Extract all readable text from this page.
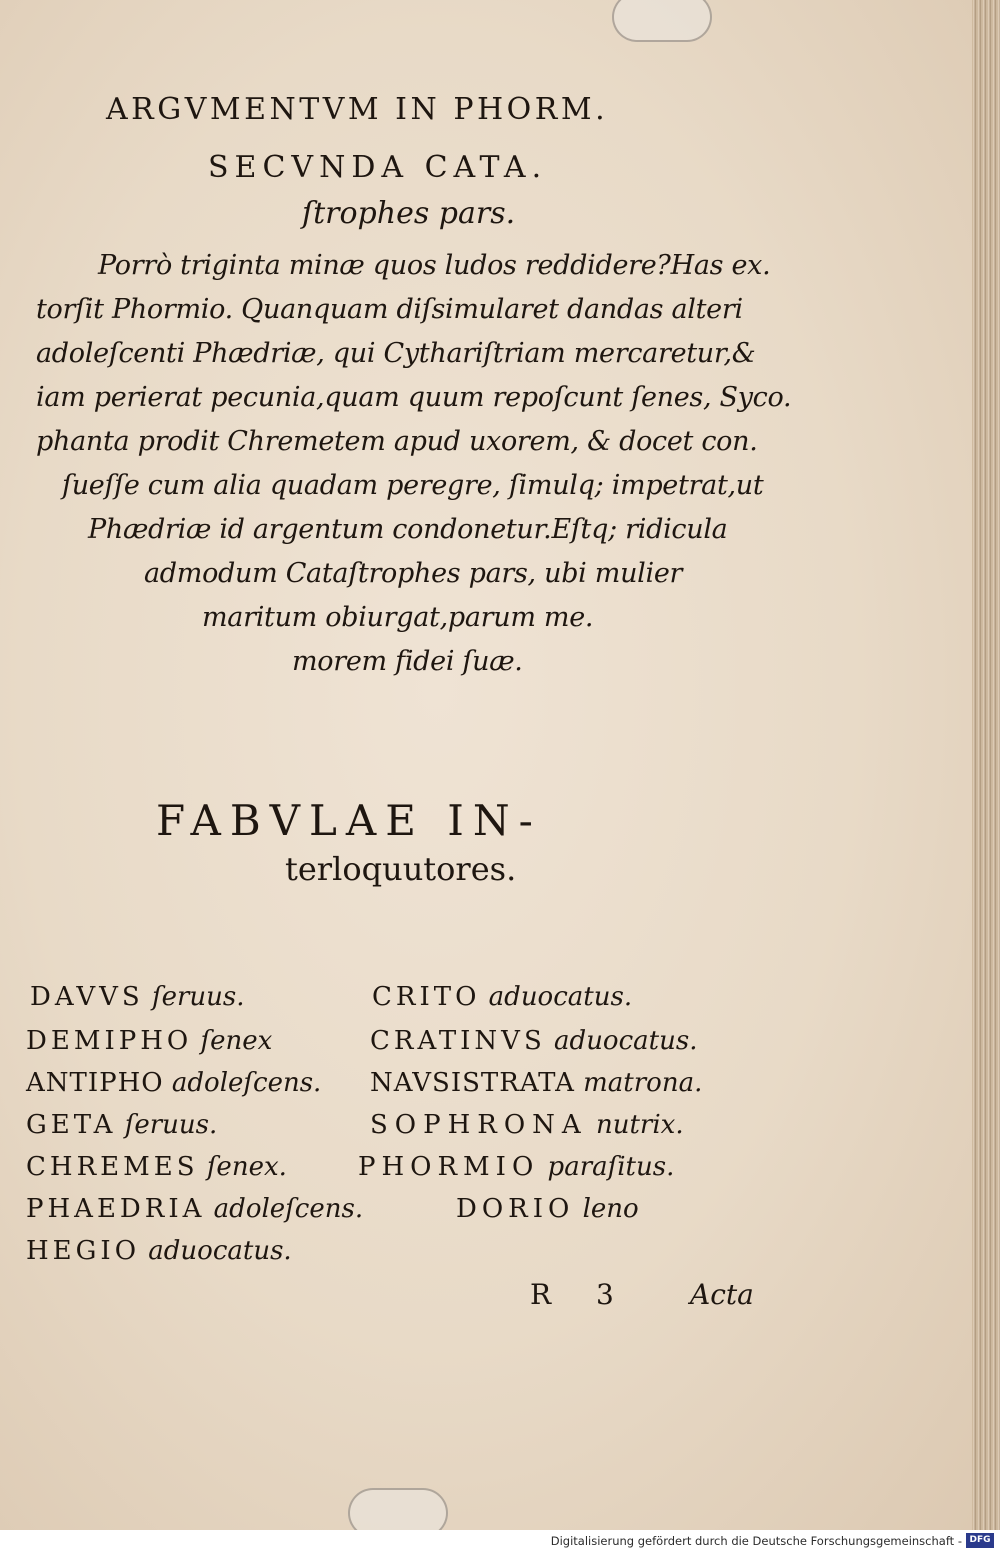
ARGVMENTVM IN PHORM.
SECVNDA CATA.
ſtrophes pars.
Porrò triginta minæ quos ludos reddidere?Has ex.
torſit Phormio. Quanquam diſsimularet dandas alteri
adoleſcenti Phædriæ, qui Cythariſtriam mercaretur,&
iam perierat pecunia,quam quum repoſcunt ſenes, Syco.
phanta prodit Chremetem apud uxorem, & docet con.
ſueſſe cum alia quadam peregre, ſimulq; impetrat,ut
Phædriæ id argentum condonetur.Eſtq; ridicula
admodum Cataſtrophes pars, ubi mulier
maritum obiurgat,parum me.
morem fidei ſuæ.
FABVLAE IN-
terloquutores.
DAVVS ſeruus.
DEMIPHO ſenex
ANTIPHO adoleſcens.
GETA ſeruus.
CHREMES ſenex.
PHAEDRIA adoleſcens.
HEGIO aduocatus.
CRITO aduocatus.
CRATINVS aduocatus.
NAVSISTRATA matrona.
SOPHRONA nutrix.
PHORMIO paraſitus.
DORIO leno
R 3 Acta
Digitalisierung gefördert durch die Deutsche Forschungsgemeinschaft - DFG
